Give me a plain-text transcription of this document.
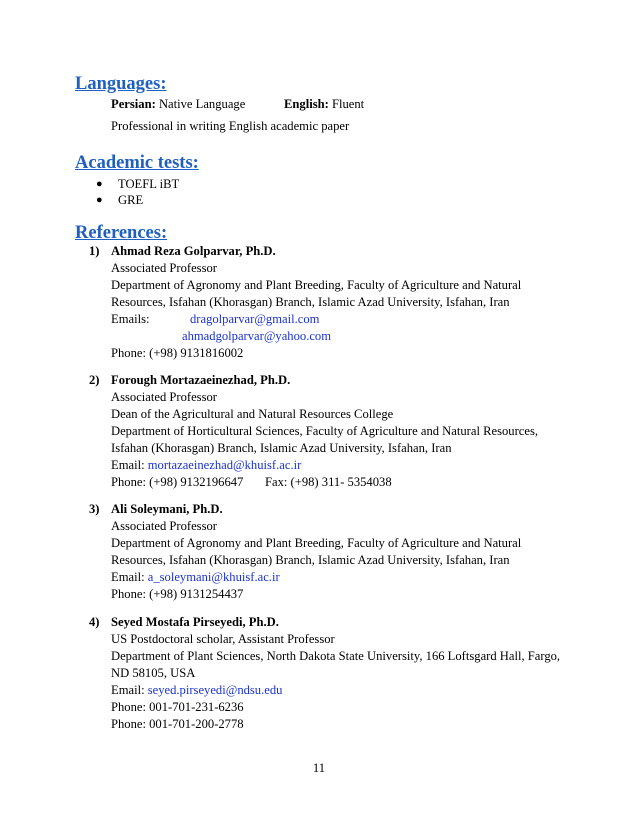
Languages:
Persian: Native Language	English: Fluent
Professional in writing English academic paper
Academic tests:
● TOEFL iBT
● GRE
References:
1) Ahmad Reza Golparvar, Ph.D.
Associated Professor
Department of Agronomy and Plant Breeding, Faculty of Agriculture and Natural
Resources, Isfahan (Khorasgan) Branch, Islamic Azad University, Isfahan, Iran
Emails:	dragolparvar@gmail.com
ahmadgolparvar@yahoo.com
Phone: (+98) 9131816002
2) Forough Mortazaeinezhad, Ph.D.
Associated Professor
Dean of the Agricultural and Natural Resources College
Department of Horticultural Sciences, Faculty of Agriculture and Natural Resources,
Isfahan (Khorasgan) Branch, Islamic Azad University, Isfahan, Iran
Email: mortazaeinezhad@khuisf.ac.ir
Phone: (+98) 9132196647 Fax: (+98) 311- 5354038
3) Ali Soleymani, Ph.D.
Associated Professor
Department of Agronomy and Plant Breeding, Faculty of Agriculture and Natural
Resources, Isfahan (Khorasgan) Branch, Islamic Azad University, Isfahan, Iran
Email: a_soleymani@khuisf.ac.ir
Phone: (+98) 9131254437
4) Seyed Mostafa Pirseyedi, Ph.D.
US Postdoctoral scholar, Assistant Professor
Department of Plant Sciences, North Dakota State University, 166 Loftsgard Hall, Fargo,
ND 58105, USA
Email: seyed.pirseyedi@ndsu.edu
Phone: 001-701-231-6236
Phone: 001-701-200-2778
11
